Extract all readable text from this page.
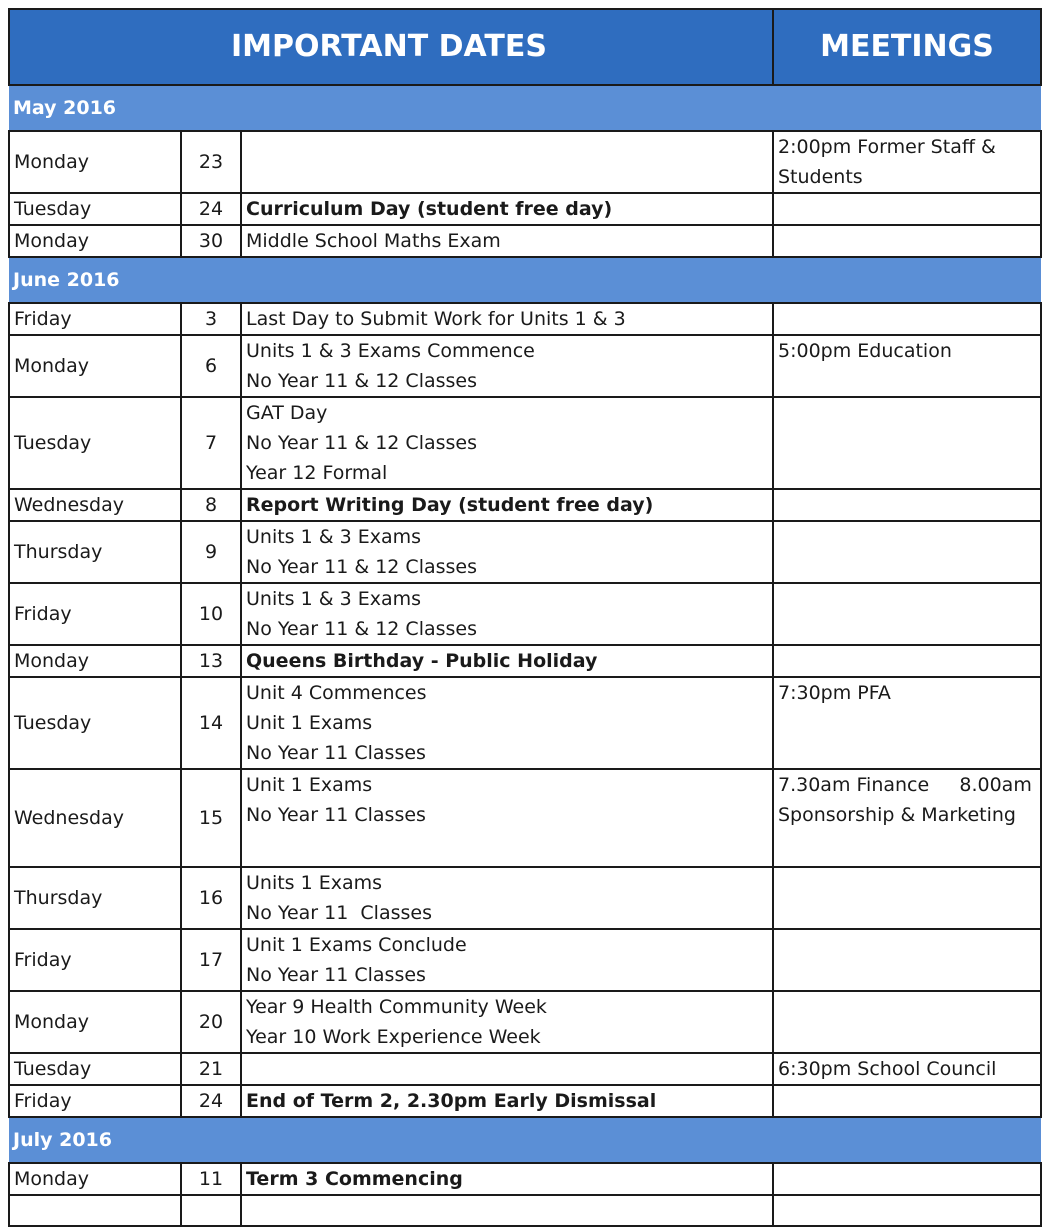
IMPORTANT DATES			MEETINGS
May 2016			
Monday	23		2:00pm Former Staff &
Students

Tuesday	24	Curriculum Day (student free day)	

Monday	30	Middle School Maths Exam	

June 2016			
Friday	3	Last Day to Submit Work for Units 1 & 3	

Monday	6	Units 1 & 3 Exams Commence
No Year 11 & 12 Classes	5:00pm Education

Tuesday	7	GAT Day
No Year 11 & 12 Classes
Year 12 Formal	

Wednesday	8	Report Writing Day (student free day)	

Thursday	9	Units 1 & 3 Exams
No Year 11 & 12 Classes	

Friday	10	Units 1 & 3 Exams
No Year 11 & 12 Classes	

Monday	13	Queens Birthday - Public Holiday	

Tuesday	14	Unit 4 Commences
Unit 1 Exams
No Year 11 Classes	7:30pm PFA

Wednesday	15	Unit 1 Exams
No Year 11 Classes	7.30am Finance     8.00am
Sponsorship & Marketing

Thursday	16	Units 1 Exams
No Year 11  Classes	

Friday	17	Unit 1 Exams Conclude
No Year 11 Classes	

Monday	20	Year 9 Health Community Week
Year 10 Work Experience Week	

Tuesday	21		6:30pm School Council

Friday	24	End of Term 2, 2.30pm Early Dismissal	

July 2016			
Monday	11	Term 3 Commencing	
